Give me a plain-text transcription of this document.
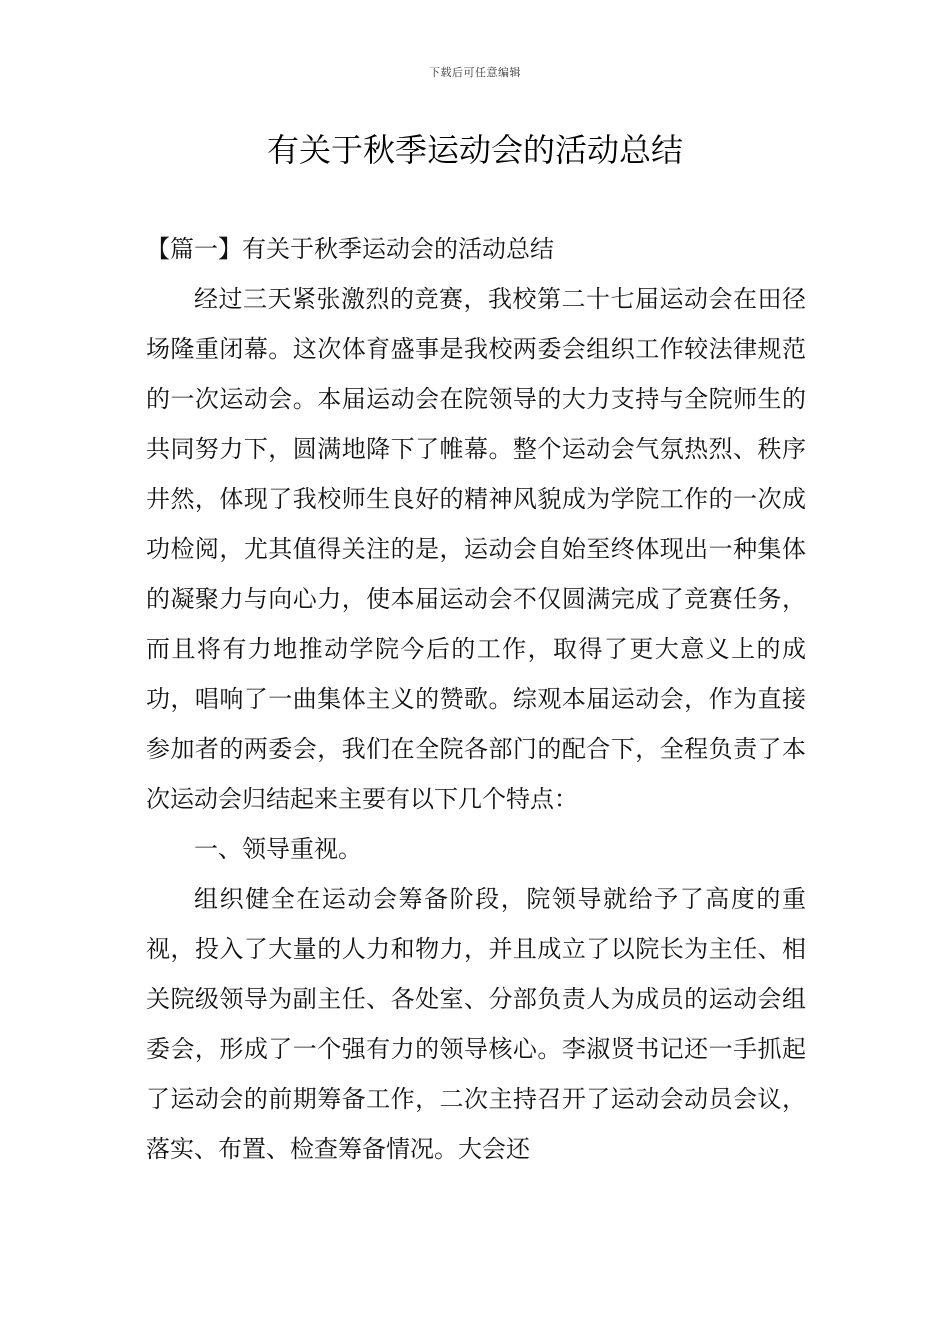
下载后可任意编辑
有关于秋季运动会的活动总结

【篇一】有关于秋季运动会的活动总结

经过三天紧张激烈的竞赛，我校第二十七届运动会在田径场隆重闭幕。这次体育盛事是我校两委会组织工作较法律规范的一次运动会。本届运动会在院领导的大力支持与全院师生的共同努力下，圆满地降下了帷幕。整个运动会气氛热烈、秩序井然，体现了我校师生良好的精神风貌成为学院工作的一次成功检阅，尤其值得关注的是，运动会自始至终体现出一种集体的凝聚力与向心力，使本届运动会不仅圆满完成了竞赛任务，而且将有力地推动学院今后的工作，取得了更大意义上的成功，唱响了一曲集体主义的赞歌。综观本届运动会，作为直接参加者的两委会，我们在全院各部门的配合下，全程负责了本次运动会归结起来主要有以下几个特点：

一、领导重视。

组织健全在运动会筹备阶段，院领导就给予了高度的重视，投入了大量的人力和物力，并且成立了以院长为主任、相关院级领导为副主任、各处室、分部负责人为成员的运动会组委会，形成了一个强有力的领导核心。李淑贤书记还一手抓起了运动会的前期筹备工作，二次主持召开了运动会动员会议，落实、布置、检查筹备情况。大会还
